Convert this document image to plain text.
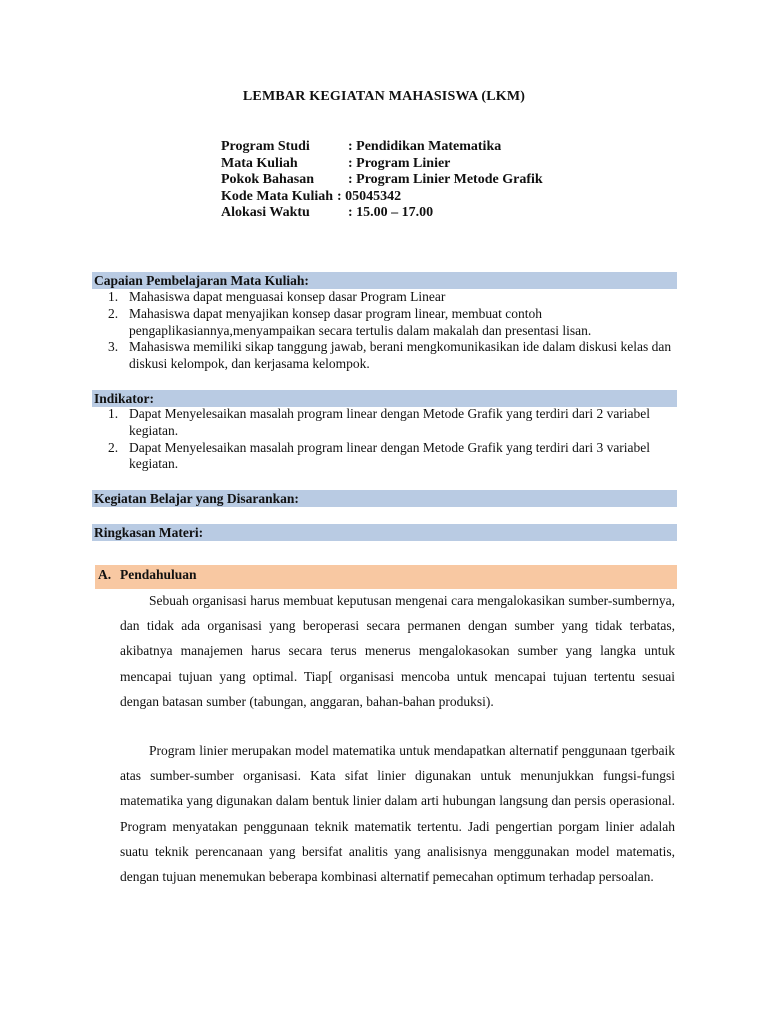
LEMBAR KEGIATAN MAHASISWA (LKM)
Program Studi	: Pendidikan Matematika
Mata Kuliah	: Program Linier
Pokok Bahasan : Program Linier Metode Grafik
Kode Mata Kuliah : 05045342
Alokasi Waktu	: 15.00 – 17.00
Capaian Pembelajaran Mata Kuliah:
1. Mahasiswa dapat menguasai konsep dasar Program Linear
2. Mahasiswa dapat menyajikan konsep dasar program linear, membuat contoh pengaplikasiannya,menyampaikan secara tertulis dalam makalah dan presentasi lisan.
3. Mahasiswa memiliki sikap tanggung jawab, berani mengkomunikasikan ide dalam diskusi kelas dan diskusi kelompok, dan kerjasama kelompok.
Indikator:
1. Dapat Menyelesaikan masalah program linear dengan Metode Grafik yang terdiri dari 2 variabel kegiatan.
2. Dapat Menyelesaikan masalah program linear dengan Metode Grafik yang terdiri dari 3 variabel kegiatan.
Kegiatan Belajar yang Disarankan:
Ringkasan Materi:
A. Pendahuluan

Sebuah organisasi harus membuat keputusan mengenai cara mengalokasikan sumber-sumbernya, dan tidak ada organisasi yang beroperasi secara permanen dengan sumber yang tidak terbatas, akibatnya manajemen harus secara terus menerus mengalokasokan sumber yang langka untuk mencapai tujuan yang optimal. Tiap[ organisasi mencoba untuk mencapai tujuan tertentu sesuai dengan batasan sumber (tabungan, anggaran, bahan-bahan produksi).

Program linier merupakan model matematika untuk mendapatkan alternatif penggunaan tgerbaik atas sumber-sumber organisasi. Kata sifat linier digunakan untuk menunjukkan fungsi-fungsi matematika yang digunakan dalam bentuk linier dalam arti hubungan langsung dan persis operasional. Program menyatakan penggunaan teknik matematik tertentu. Jadi pengertian porgam linier adalah suatu teknik perencanaan yang bersifat analitis yang analisisnya menggunakan model matematis, dengan tujuan menemukan beberapa kombinasi alternatif pemecahan optimum terhadap persoalan.
